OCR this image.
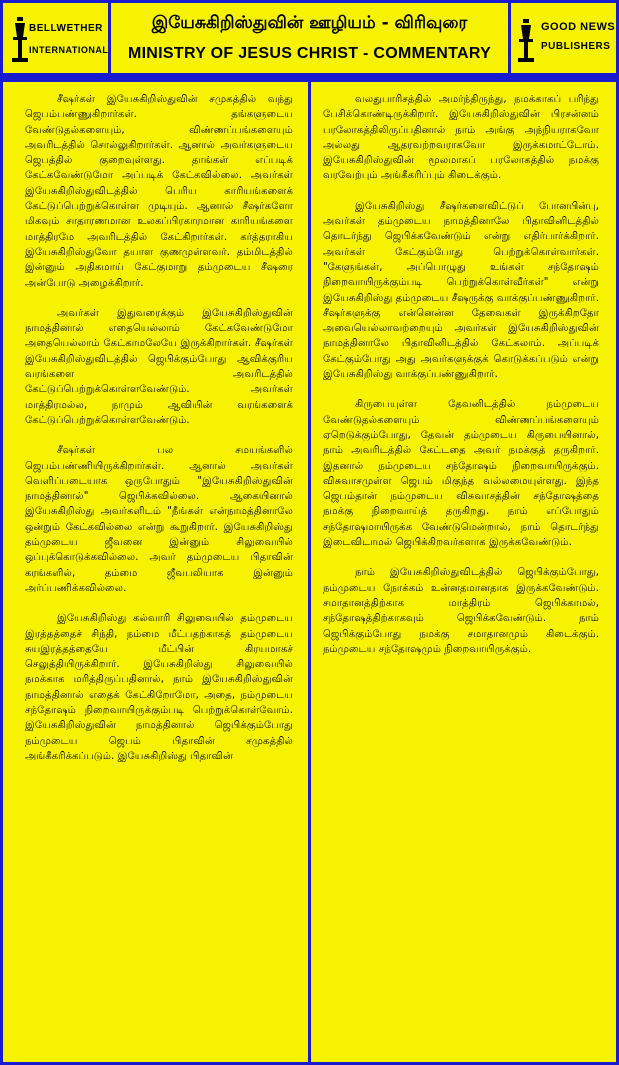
BELLWETHER
INTERNATIONAL
இயேசுகிறிஸ்துவின் ஊழியம் - விரிவுரை
MINISTRY OF JESUS CHRIST - COMMENTARY
GOOD NEWS
PUBLISHERS

சீஷர்கள் இயேசுகிறிஸ்துவின் சமுகத்தில் வந்து ஜெபம்பண்ணுகிறார்கள். தங்களுடைய வேண்டுதல்களையும், விண்ணப்பங்களையும் அவரிடத்தில் சொல்லுகிறார்கள். ஆனால் அவர்களுடைய ஜெபத்தில் குறைவுள்ளது. தாங்கள் எப்படிக் கேட்கவேண்டுமோ அப்படிக் கேட்கவில்லை. அவர்கள் இயேசுகிறிஸ்துவிடத்தில் பெரிய காரியங்களைக் கேட்டுப்பெற்றுக்கொள்ள முடியும். ஆனால் சீஷர்களோ மிகவும் சாதாரணமான உலகப்பிரகாரமான காரியங்களை மாத்திரமே அவரிடத்தில் கேட்கிறார்கள். கர்த்தராகிய இயேசுகிறிஸ்துவோ தயாள குணமுள்ளவர். தம்மிடத்தில் இன்னும் அதிகமாய் கேட்குமாறு தம்முடைய சீஷரை அன்போடு அழைக்கிறார்.

அவர்கள் இதுவரைக்கும் இயேசுகிறிஸ்துவின் நாமத்தினால் எதையெல்லாம் கேட்கவேண்டுமோ அதையெல்லாம் கேட்காமலேயே இருக்கிறார்கள். சீஷர்கள் இயேசுகிறிஸ்துவிடத்தில் ஜெபிக்கும்போது ஆவிக்குரிய வரங்களை அவரிடத்தில் கேட்டுப்பெற்றுக்கொள்ளவேண்டும். அவர்கள் மாத்திரமல்ல, நாமும் ஆவியின் வரங்களைக் கேட்டுப்பெற்றுக்கொள்ளவேண்டும்.

சீஷர்கள் பல சமயங்களில் ஜெபம்பண்ணியிருக்கிறார்கள். ஆனால் அவர்கள் வெளிப்படையாக ஒருபோதும் "இயேசுகிறிஸ்துவின் நாமத்தினால்" ஜெபிக்கவில்லை. ஆகையினால் இயேசுகிறிஸ்து அவர்களிடம் "நீங்கள் என்நாமத்தினாலே ஒன்றும் கேட்கவில்லை என்று கூறுகிறார். இயேசுகிறிஸ்து தம்முடைய ஜீவனை இன்னும் சிலுவையில் ஒப்புக்கொடுக்கவில்லை. அவர் தம்முடைய பிதாவின் கரங்களில், தம்மை ஜீவபலியாக இன்னும் அர்ப்பணிக்கவில்லை.

இயேசுகிறிஸ்து கல்வாரி சிலுவையில் தம்முடைய இரத்தத்தைச் சிந்தி, நம்மை மீட்பதற்காகத் தம்முடைய சுயஇரத்தத்தையே மீட்பின் கிரயமாகச் செலுத்தியிருக்கிறார். இயேசுகிறிஸ்து சிலுவையில் நமக்காக மரித்திருப்பதினால், நாம் இயேசுகிறிஸ்துவின் நாமத்தினால் எதைக் கேட்கிறோமோ, அதை, நம்முடைய சந்தோஷம் நிறைவாயிருக்கும்படி பெற்றுக்கொள்வோம். இயேசுகிறிஸ்துவின் நாமத்தினால் ஜெபிக்கும்போது நம்முடைய ஜெபம் பிதாவின் சமுகத்தில் அங்கீகரிக்கப்படும். இயேசுகிறிஸ்து பிதாவின்

வலதுபாரிசத்தில் அமர்ந்திருந்து, நமக்காகப் பரிந்து பேசிக்கொண்டிருக்கிறார். இயேசுகிறிஸ்துவின் பிரசன்னம் பரலோகத்திலிருப்பதினால் நாம் அங்கு அந்நியராகவோ அல்லது ஆதரவற்றவராகவோ இருக்கமாட்டோம். இயேசுகிறிஸ்துவின் மூலமாகப் பரலோகத்தில் நமக்கு வரவேற்பும் அங்கீகரிப்பும் கிடைக்கும்.

இயேசுகிறிஸ்து சீஷர்களைவிட்டுப் போனபின்பு, அவர்கள் தம்முடைய நாமத்தினாலே பிதாவினிடத்தில் தொடர்ந்து ஜெபிக்கவேண்டும் என்று எதிர்பார்க்கிறார். அவர்கள் கேட்கும்போது பெற்றுக்கொள்வார்கள். "கேளுங்கள், அப்பொழுது உங்கள் சந்தோஷம் நிறைவாயிருக்கும்படி பெற்றுக்கொள்வீர்கள்" என்று இயேசுகிறிஸ்து தம்முடைய சீஷருக்கு வாக்குப்பண்ணுகிறார். சீஷர்களுக்கு என்னென்ன தேவைகள் இருக்கிறதோ அவையெல்லாவற்றையும் அவர்கள் இயேசுகிறிஸ்துவின் நாமத்தினாலே பிதாவினிடத்தில் கேட்கலாம். அப்படிக் கேட்கும்போது அது அவர்களுக்குக் கொடுக்கப்படும் என்று இயேசுகிறிஸ்து வாக்குப்பண்ணுகிறார்.

கிருபையுள்ள தேவனிடத்தில் நம்முடைய வேண்டுதல்களையும் விண்ணப்பங்களையும் ஏறெடுக்கும்போது, தேவன் தம்முடைய கிருபையினால், நாம் அவரிடத்தில் கேட்டதை அவர் நமக்குத் தருகிறார். இதனால் நம்முடைய சந்தோஷம் நிறைவாயிருக்கும். விசுவாசமுள்ள ஜெபம் மிகுந்த வல்லமையுள்ளது. இந்த ஜெபம்தான் நம்முடைய விசுவாசத்தின் சந்தோஷத்தை நமக்கு நிறைவாய்த் தருகிறது. நாம் எப்போதும் சந்தோஷமாயிருக்க வேண்டுமென்றால், நாம் தொடர்ந்து இடைவிடாமல் ஜெபிக்கிறவர்களாக இருக்கவேண்டும்.

நாம் இயேசுகிறிஸ்துவிடத்தில் ஜெபிக்கும்போது, நம்முடைய நோக்கம் உன்னதமானதாக இருக்கவேண்டும். சமாதானத்திற்காக மாத்திரம் ஜெபிக்காமல், சந்தோஷத்திற்காகவும் ஜெபிக்கவேண்டும். நாம் ஜெபிக்கும்போது நமக்கு சமாதானமும் கிடைக்கும். நம்முடைய சந்தோஷமும் நிறைவாயிருக்கும்.
